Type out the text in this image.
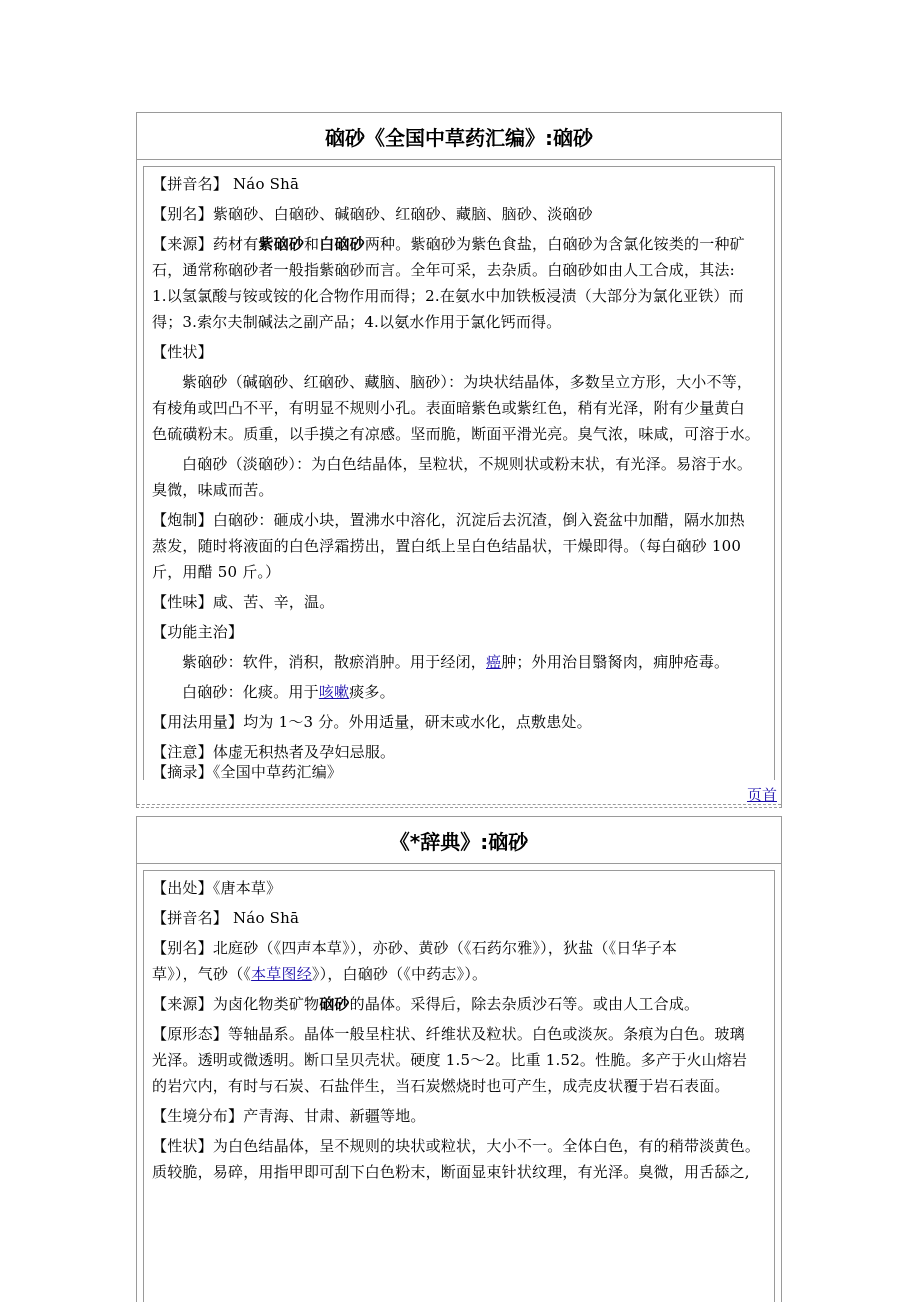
硇砂《全国中草药汇编》:硇砂
【拼音名】 Náo Shā
【别名】紫硇砂、白硇砂、碱硇砂、红硇砂、藏脑、脑砂、淡硇砂
【来源】药材有紫硇砂和白硇砂两种。紫硇砂为紫色食盐，白硇砂为含氯化铵类的一种矿
石，通常称硇砂者一般指紫硇砂而言。全年可采，去杂质。白硇砂如由人工合成，其法:
1.以氢氯酸与铵或铵的化合物作用而得；2.在氨水中加铁板浸渍（大部分为氯化亚铁）而
得；3.索尔夫制碱法之副产品；4.以氨水作用于氯化钙而得。
【性状】
紫硇砂（碱硇砂、红硇砂、藏脑、脑砂）：为块状结晶体，多数呈立方形，大小不等，
有棱角或凹凸不平，有明显不规则小孔。表面暗紫色或紫红色，稍有光泽，附有少量黄白
色硫磺粉末。质重，以手摸之有凉感。坚而脆，断面平滑光亮。臭气浓，味咸，可溶于水。
白硇砂（淡硇砂）：为白色结晶体，呈粒状，不规则状或粉末状，有光泽。易溶于水。
臭微，味咸而苦。
【炮制】白硇砂：砸成小块，置沸水中溶化，沉淀后去沉渣，倒入瓷盆中加醋，隔水加热
蒸发，随时将液面的白色浮霜捞出，置白纸上呈白色结晶状，干燥即得。（每白硇砂 100
斤，用醋 50 斤。）
【性味】咸、苦、辛，温。
【功能主治】
紫硇砂：软件，消积，散瘀消肿。用于经闭，癌肿；外用治目翳胬肉，痈肿疮毒。
白硇砂：化痰。用于咳嗽痰多。
【用法用量】均为 1～3 分。外用适量，研末或水化，点敷患处。
【注意】体虚无积热者及孕妇忌服。
【摘录】《全国中草药汇编》
页首
《*辞典》:硇砂
【出处】《唐本草》
【拼音名】 Náo Shā
【别名】北庭砂（《四声本草》），亦砂、黄砂（《石药尔雅》），狄盐（《日华子本
草》），气砂（《本草图经》），白硇砂（《中药志》）。
【来源】为卤化物类矿物硇砂的晶体。采得后，除去杂质沙石等。或由人工合成。
【原形态】等轴晶系。晶体一般呈柱状、纤维状及粒状。白色或淡灰。条痕为白色。玻璃
光泽。透明或微透明。断口呈贝壳状。硬度 1.5～2。比重 1.52。性脆。多产于火山熔岩
的岩穴内，有时与石炭、石盐伴生，当石炭燃烧时也可产生，成壳皮状覆于岩石表面。
【生境分布】产青海、甘肃、新疆等地。
【性状】为白色结晶体，呈不规则的块状或粒状，大小不一。全体白色，有的稍带淡黄色。
质较脆，易碎，用指甲即可刮下白色粉末，断面显束针状纹理，有光泽。臭微，用舌舔之,
